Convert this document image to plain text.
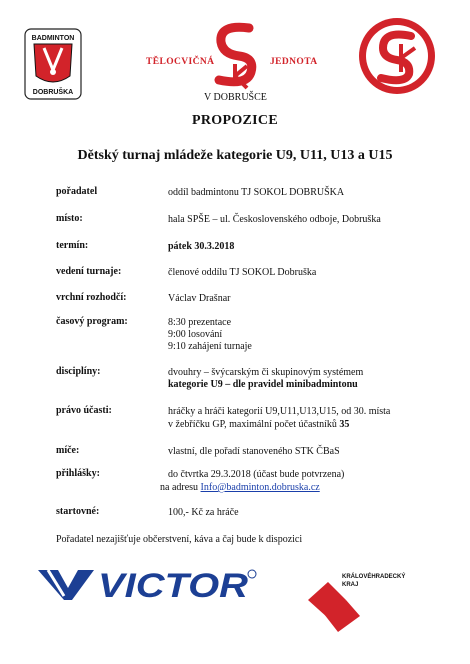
BADMINTON
DOBRUŠKA
TĚLOCVIČNÁ	JEDNOTA
V DOBRUŠCE
PROPOZICE
Dětský turnaj mládeže kategorie U9, U11, U13 a U15
pořadatel	oddíl badmintonu TJ SOKOL DOBRUŠKA
místo:	hala SPŠE – ul. Československého odboje, Dobruška
termín:	pátek 30.3.2018
vedení turnaje:	členové oddílu TJ SOKOL Dobruška
vrchní rozhodčí:	Václav Drašnar
časový program:	8:30 prezentace
9:00 losování
9:10 zahájení turnaje
disciplíny:	dvouhry – švýcarským či skupinovým systémem
kategorie U9 – dle pravidel minibadmintonu
právo účasti:	hráčky a hráči kategorií U9,U11,U13,U15, od 30. místa
v žebříčku GP, maximální počet účastníků 35
míče:	vlastní, dle pořadí stanoveného STK ČBaS
přihlášky:	do čtvrtka 29.3.2018 (účast bude potvrzena)
na adresu Info@badminton.dobruska.cz
startovné:	100,- Kč za hráče
Pořadatel nezajišťuje občerstvení, káva a čaj bude k dispozici
VICTOR	KRÁLOVÉHRADECKÝ
KRAJ
